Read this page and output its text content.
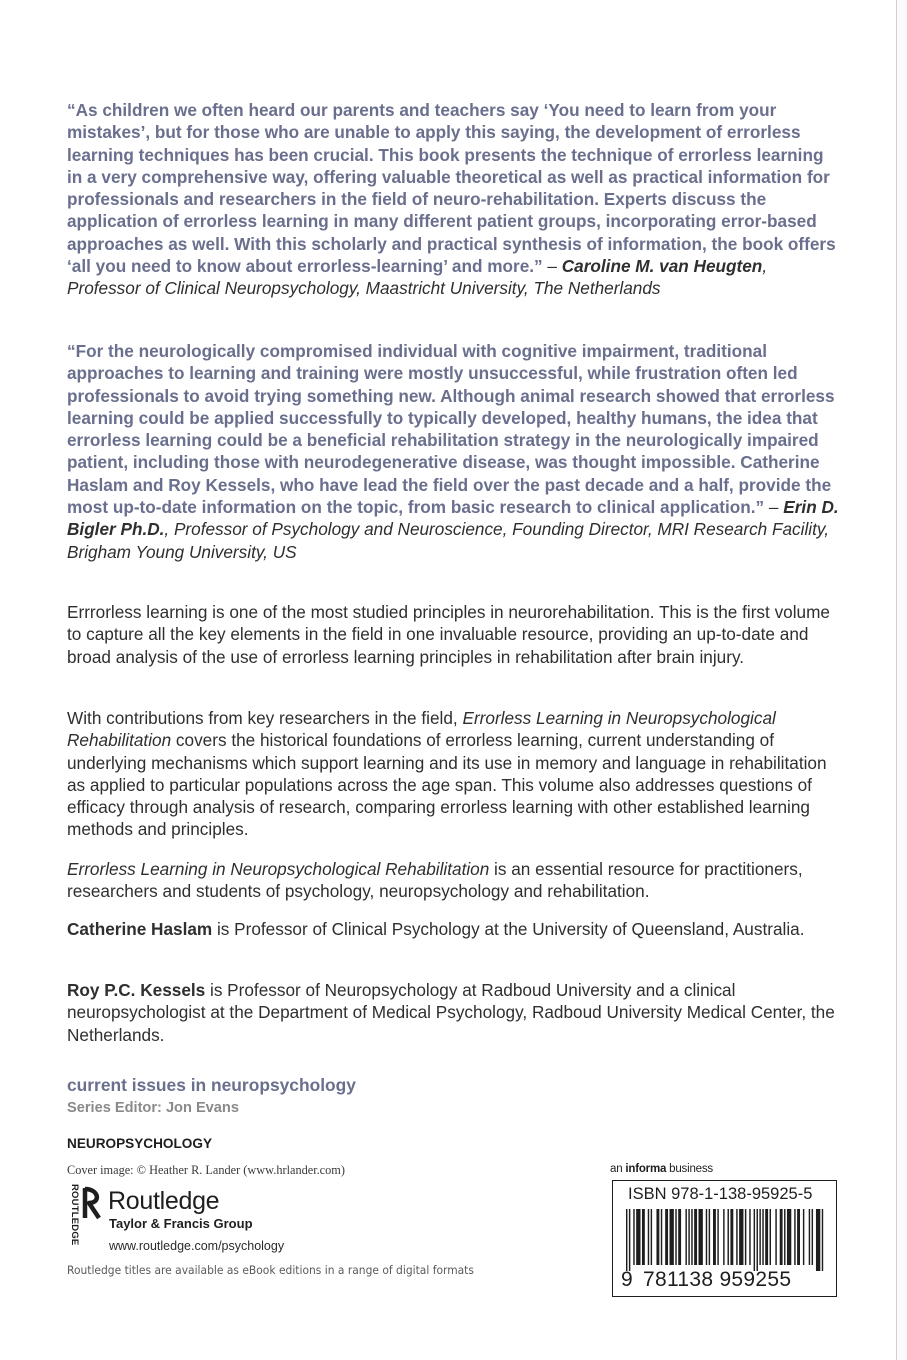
“As children we often heard our parents and teachers say ‘You need to learn from your mistakes’, but for those who are unable to apply this saying, the development of errorless learning techniques has been crucial. This book presents the technique of errorless learning in a very comprehensive way, offering valuable theoretical as well as practical information for professionals and researchers in the field of neuro-rehabilitation. Experts discuss the application of errorless learning in many different patient groups, incorporating error-based approaches as well. With this scholarly and practical synthesis of information, the book offers ‘all you need to know about errorless-learning’ and more.” – Caroline M. van Heugten, Professor of Clinical Neuropsychology, Maastricht University, The Netherlands
“For the neurologically compromised individual with cognitive impairment, traditional approaches to learning and training were mostly unsuccessful, while frustration often led professionals to avoid trying something new. Although animal research showed that errorless learning could be applied successfully to typically developed, healthy humans, the idea that errorless learning could be a beneficial rehabilitation strategy in the neurologically impaired patient, including those with neurodegenerative disease, was thought impossible. Catherine Haslam and Roy Kessels, who have lead the field over the past decade and a half, provide the most up-to-date information on the topic, from basic research to clinical application.” – Erin D. Bigler Ph.D., Professor of Psychology and Neuroscience, Founding Director, MRI Research Facility, Brigham Young University, US
Errrorless learning is one of the most studied principles in neurorehabilitation. This is the first volume to capture all the key elements in the field in one invaluable resource, providing an up-to-date and broad analysis of the use of errorless learning principles in rehabilitation after brain injury.
With contributions from key researchers in the field, Errorless Learning in Neuropsychological Rehabilitation covers the historical foundations of errorless learning, current understanding of underlying mechanisms which support learning and its use in memory and language in rehabilitation as applied to particular populations across the age span. This volume also addresses questions of efficacy through analysis of research, comparing errorless learning with other established learning methods and principles.
Errorless Learning in Neuropsychological Rehabilitation is an essential resource for practitioners, researchers and students of psychology, neuropsychology and rehabilitation.
Catherine Haslam is Professor of Clinical Psychology at the University of Queensland, Australia.
Roy P.C. Kessels is Professor of Neuropsychology at Radboud University and a clinical neuropsychologist at the Department of Medical Psychology, Radboud University Medical Center, the Netherlands.
current issues in neuropsychology
Series Editor: Jon Evans
NEUROPSYCHOLOGY
Cover image: © Heather R. Lander (www.hrlander.com)
ROUTLEDGE Routledge
Taylor & Francis Group
www.routledge.com/psychology
Routledge titles are available as eBook editions in a range of digital formats
an informa business
ISBN 978-1-138-95925-5
9 781138 959255
